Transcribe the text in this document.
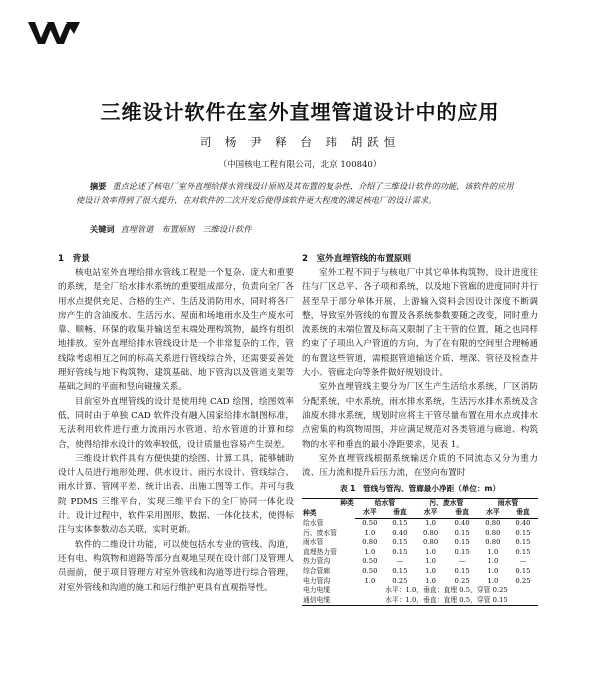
三维设计软件在室外直埋管道设计中的应用
司 杨 尹 释 台 玮 胡跃恒
（中国核电工程有限公司，北京 100840）

摘要 重点论述了核电厂室外直埋给排水管线设计原则及其布置的复杂性，介绍了三维设计软件的功能，该软件的应用使设计效率得到了很大提升，在对软件的二次开发后使得该软件更大程度的满足核电厂的设计需求。

关键词 直埋管道　布置原则　三维设计软件

1　背景

核电站室外直埋给排水管线工程是一个复杂、庞大和重要的系统，是全厂给水排水系统的重要组成部分，负责向全厂各用水点提供充足、合格的生产、生活及消防用水，同时将各厂房产生的含油废水、生活污水、屋面和场地雨水及生产废水可靠、顺畅、环保的收集并输送至末端处理构筑物，最终有组织地排放。室外直埋给排水管线设计是一个非常复杂的工作，管线除考虑相互之间的标高关系进行管线综合外，还需要妥善处理好管线与地下构筑物、建筑基础、地下管沟以及管道支架等基础之间的平面和竖向碰撞关系。

目前室外直埋管线的设计是使用纯 CAD 绘图，绘图效率低，同时由于单独 CAD 软件没有融入国家给排水制图标准，无法利用软件进行重力流雨污水管道、给水管道的计算和综合，使得给排水设计的效率较低，设计质量也容易产生误差。

三维设计软件具有方便快捷的绘图、计算工具，能够辅助设计人员进行地形处理、供水设计、雨污水设计、管线综合、雨水计算、管网平差、统计出表、出施工图等工作。并可与我院 PDMS 三维平台，实现三维平台下的全厂协同一体化设计。设计过程中，软件采用图形、数据、一体化技术，使得标注与实体参数动态关联，实时更新。

软件的二维设计功能，可以使包括水专业的管线、沟道，还有电、构筑物和道路等部分直观地呈现在设计部门及管理人员面前，便于项目管理方对室外管线和沟道等进行综合管理，对室外管线和沟道的施工和运行维护更具有直观指导性。

2　室外直埋管线的布置原则

室外工程不同于与核电厂中其它单体构筑物，设计进度往往与厂区总平、各子项和系统，以及地下管廊的进度同时并行甚至早于部分单体开展，上游输入资料会因设计深度不断调整，导致室外管线的布置及各系统参数要随之改变，同时重力流系统的末端位置及标高又限制了主干管的位置，随之也同样约束了子项出入户管道的方向，为了在有限的空间里合理畅通的布置这些管道，需根据管道输送介质、埋深、管径及检查井大小、管廊走向等条件做好规划设计。

室外直埋管线主要分为厂区生产生活给水系统，厂区消防分配系统，中水系统，雨水排水系统，生活污水排水系统及含油废水排水系统，规划时应将主干管尽量布置在用水点或排水点密集的构筑物周围，并应满足规范对各类管道与廊道、构筑物的水平和垂直的最小净距要求，见表 1。

室外直埋管线根据系统输送介质的不同流态又分为重力流、压力流和提升后压力流，在竖向布置时

表 1　管线与管沟、管廊最小净距（单位：m）
种类
种类	给水管		污、废水管		雨水管	
	水平	垂直	水平	垂直	水平	垂直
给水管	0.50	0.15	1.0	0.40	0.80	0.40
污、废水管	1.0	0.40	0.80	0.15	0.80	0.15
雨水管	0.80	0.15	0.80	0.15	0.80	0.15
直埋热力管	1.0	0.15	1.0	0.15	1.0	0.15
热力管沟	0.50	—	1.0	—	1.0	—
综合管廊	0.50	0.15	1.0	0.15	1.0	0.15
电力管沟	1.0	0.25	1.0	0.25	1.0	0.25
电力电缆	水平：1.0，垂直：直埋 0.5，穿管 0.25					
通信电缆	水平：1.0，垂直：直埋 0.5，穿管 0.15					
